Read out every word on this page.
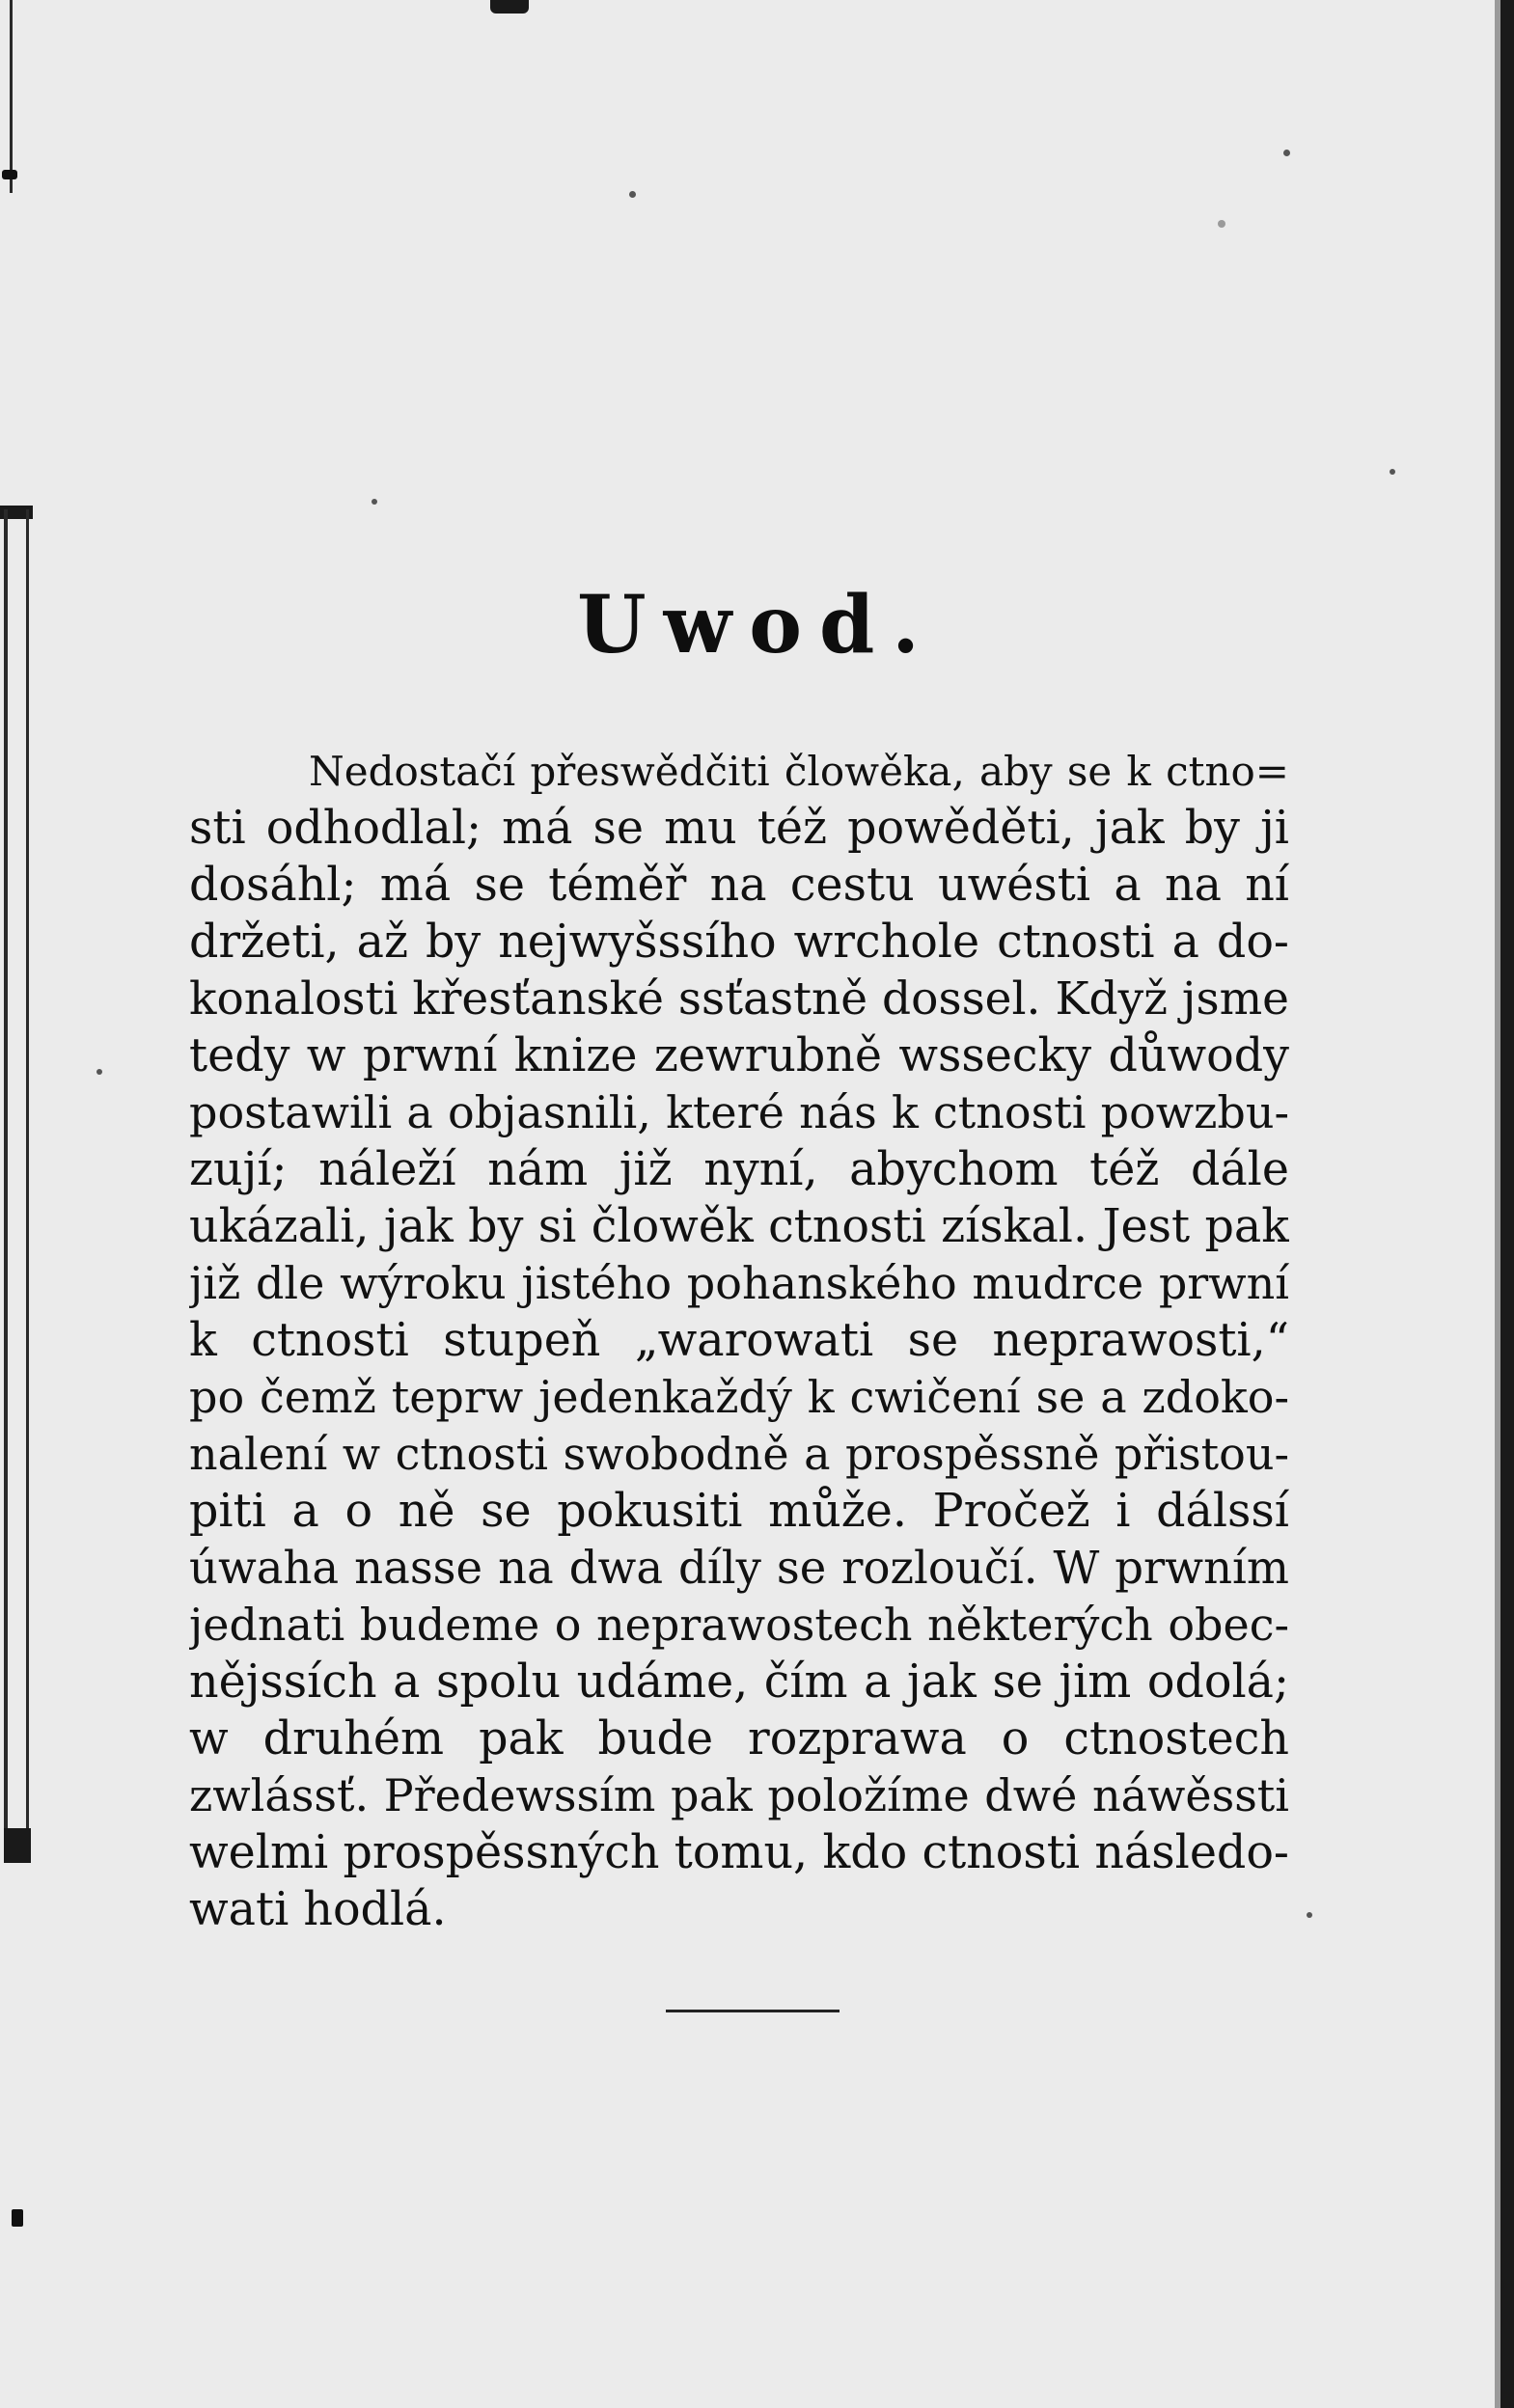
Uwod.
Nedostačí přeswědčiti člowěka, aby se k ctno=
sti odhodlal; má se mu též powěděti, jak by ji
dosáhl; má se téměř na cestu uwésti a na ní
držeti, až by nejwyšssího wrchole ctnosti a do-
konalosti křesťanské ssťastně dossel. Když jsme
tedy w prwní knize zewrubně wssecky důwody
postawili a objasnili, které nás k ctnosti powzbu-
zují; náleží nám již nyní, abychom též dále
ukázali, jak by si člowěk ctnosti získal. Jest pak
již dle wýroku jistého pohanského mudrce prwní
k ctnosti stupeň „warowati se neprawosti,“
po čemž teprw jedenkaždý k cwičení se a zdoko-
nalení w ctnosti swobodně a prospěssně přistou-
piti a o ně se pokusiti může. Pročež i dálssí
úwaha nasse na dwa díly se rozloučí. W prwním
jednati budeme o neprawostech některých obec-
nějssích a spolu udáme, čím a jak se jim odolá;
w druhém pak bude rozprawa o ctnostech
zwlássť. Předewssím pak položíme dwé náwěssti
welmi prospěssných tomu, kdo ctnosti následo-
wati hodlá.
